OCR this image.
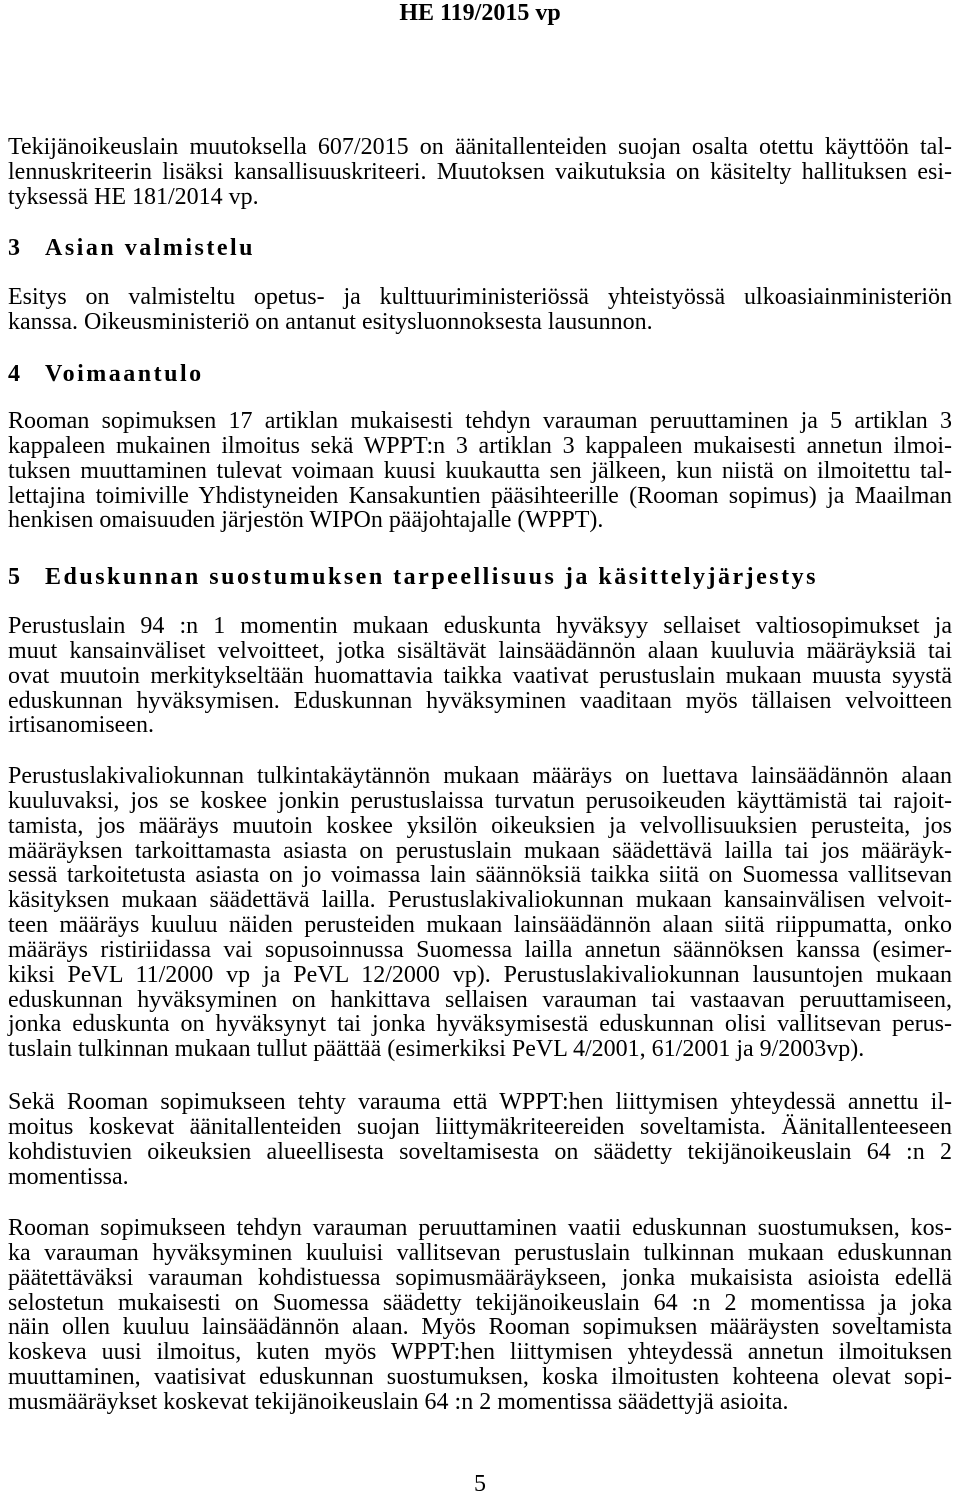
HE 119/2015 vp
Tekijänoikeuslain muutoksella 607/2015 on äänitallenteiden suojan osalta otettu käyttöön tal-
lennuskriteerin lisäksi kansallisuuskriteeri. Muutoksen vaikutuksia on käsitelty hallituksen esi-
tyksessä HE 181/2014 vp.
3 Asian valmistelu
Esitys on valmisteltu opetus- ja kulttuuriministeriössä yhteistyössä ulkoasiainministeriön
kanssa. Oikeusministeriö on antanut esitysluonnoksesta lausunnon.
4 Voimaantulo
Rooman sopimuksen 17 artiklan mukaisesti tehdyn varauman peruuttaminen ja 5 artiklan 3
kappaleen mukainen ilmoitus sekä WPPT:n 3 artiklan 3 kappaleen mukaisesti annetun ilmoi-
tuksen muuttaminen tulevat voimaan kuusi kuukautta sen jälkeen, kun niistä on ilmoitettu tal-
lettajina toimiville Yhdistyneiden Kansakuntien pääsihteerille (Rooman sopimus) ja Maailman
henkisen omaisuuden järjestön WIPOn pääjohtajalle (WPPT).
5 Eduskunnan suostumuksen tarpeellisuus ja käsittelyjärjestys
Perustuslain 94 :n 1 momentin mukaan eduskunta hyväksyy sellaiset valtiosopimukset ja
muut kansainväliset velvoitteet, jotka sisältävät lainsäädännön alaan kuuluvia määräyksiä tai
ovat muutoin merkitykseltään huomattavia taikka vaativat perustuslain mukaan muusta syystä
eduskunnan hyväksymisen. Eduskunnan hyväksyminen vaaditaan myös tällaisen velvoitteen
irtisanomiseen.
Perustuslakivaliokunnan tulkintakäytännön mukaan määräys on luettava lainsäädännön alaan
kuuluvaksi, jos se koskee jonkin perustuslaissa turvatun perusoikeuden käyttämistä tai rajoit-
tamista, jos määräys muutoin koskee yksilön oikeuksien ja velvollisuuksien perusteita, jos
määräyksen tarkoittamasta asiasta on perustuslain mukaan säädettävä lailla tai jos määräyk-
sessä tarkoitetusta asiasta on jo voimassa lain säännöksiä taikka siitä on Suomessa vallitsevan
käsityksen mukaan säädettävä lailla. Perustuslakivaliokunnan mukaan kansainvälisen velvoit-
teen määräys kuuluu näiden perusteiden mukaan lainsäädännön alaan siitä riippumatta, onko
määräys ristiriidassa vai sopusoinnussa Suomessa lailla annetun säännöksen kanssa (esimer-
kiksi PeVL 11/2000 vp ja PeVL 12/2000 vp). Perustuslakivaliokunnan lausuntojen mukaan
eduskunnan hyväksyminen on hankittava sellaisen varauman tai vastaavan peruuttamiseen,
jonka eduskunta on hyväksynyt tai jonka hyväksymisestä eduskunnan olisi vallitsevan perus-
tuslain tulkinnan mukaan tullut päättää (esimerkiksi PeVL 4/2001, 61/2001 ja 9/2003vp).
Sekä Rooman sopimukseen tehty varauma että WPPT:hen liittymisen yhteydessä annettu il-
moitus koskevat äänitallenteiden suojan liittymäkriteereiden soveltamista. Äänitallenteeseen
kohdistuvien oikeuksien alueellisesta soveltamisesta on säädetty tekijänoikeuslain 64 :n 2
momentissa.
Rooman sopimukseen tehdyn varauman peruuttaminen vaatii eduskunnan suostumuksen, kos-
ka varauman hyväksyminen kuuluisi vallitsevan perustuslain tulkinnan mukaan eduskunnan
päätettäväksi varauman kohdistuessa sopimusmääräykseen, jonka mukaisista asioista edellä
selostetun mukaisesti on Suomessa säädetty tekijänoikeuslain 64 :n 2 momentissa ja joka
näin ollen kuuluu lainsäädännön alaan. Myös Rooman sopimuksen määräysten soveltamista
koskeva uusi ilmoitus, kuten myös WPPT:hen liittymisen yhteydessä annetun ilmoituksen
muuttaminen, vaatisivat eduskunnan suostumuksen, koska ilmoitusten kohteena olevat sopi-
musmääräykset koskevat tekijänoikeuslain 64 :n 2 momentissa säädettyjä asioita.
5
